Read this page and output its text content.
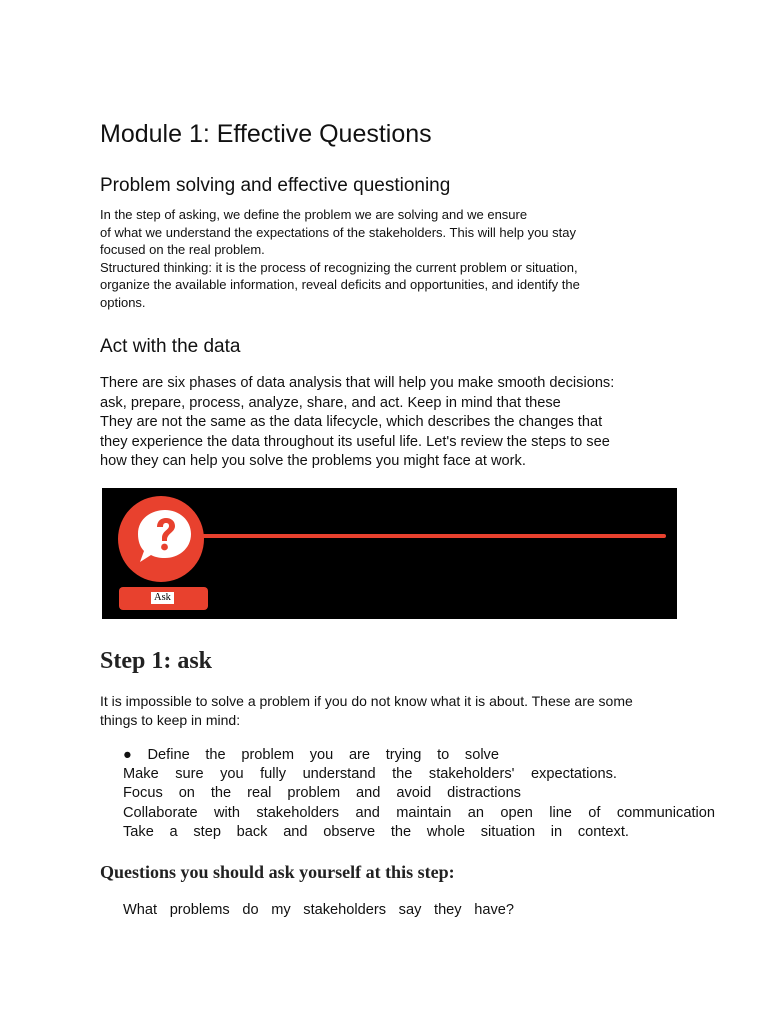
Module 1: Effective Questions
Problem solving and effective questioning
In the step of asking, we define the problem we are solving and we ensure
of what we understand the expectations of the stakeholders. This will help you stay
focused on the real problem.
Structured thinking: it is the process of recognizing the current problem or situation,
organize the available information, reveal deficits and opportunities, and identify the
options.
Act with the data
There are six phases of data analysis that will help you make smooth decisions:
ask, prepare, process, analyze, share, and act. Keep in mind that these
They are not the same as the data lifecycle, which describes the changes that
they experience the data throughout its useful life. Let's review the steps to see
how they can help you solve the problems you might face at work.
Ask
Step 1: ask
It is impossible to solve a problem if you do not know what it is about. These are some
things to keep in mind:
● Define the problem you are trying to solve
Make sure you fully understand the stakeholders' expectations.
Focus on the real problem and avoid distractions
Collaborate with stakeholders and maintain an open line of communication
Take a step back and observe the whole situation in context.
Questions you should ask yourself at this step:
What problems do my stakeholders say they have?
